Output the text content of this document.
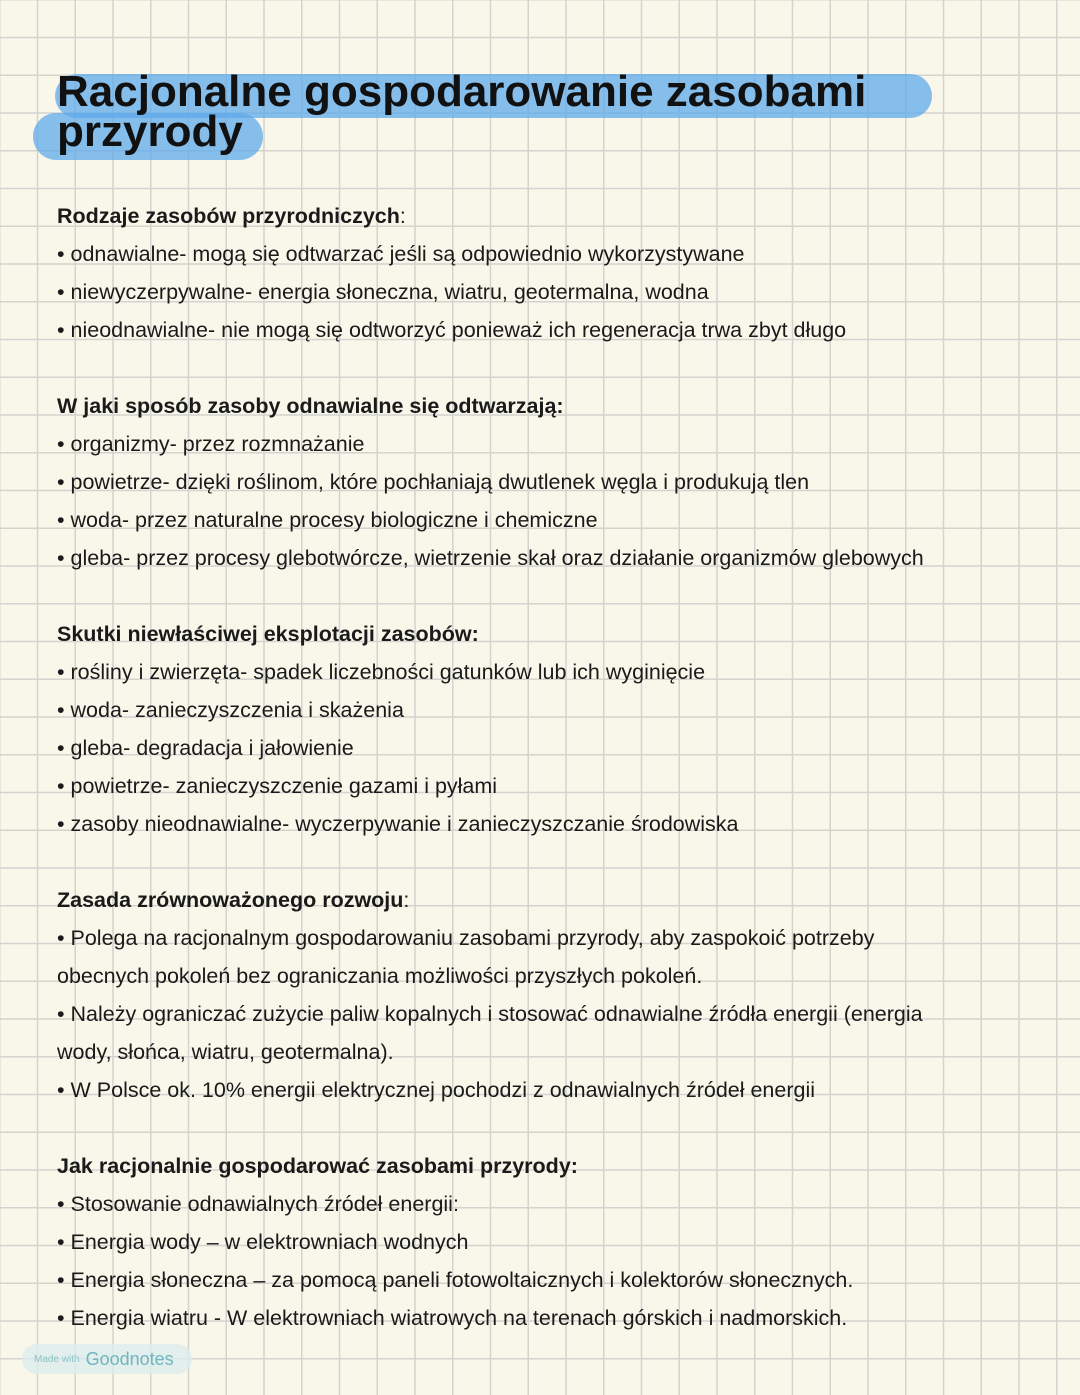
Racjonalne gospodarowanie zasobami
przyrody
Rodzaje zasobów przyrodniczych:
• odnawialne- mogą się odtwarzać jeśli są odpowiednio wykorzystywane
• niewyczerpywalne- energia słoneczna, wiatru, geotermalna, wodna
• nieodnawialne- nie mogą się odtworzyć ponieważ ich regeneracja trwa zbyt długo
W jaki sposób zasoby odnawialne się odtwarzają:
• organizmy- przez rozmnażanie
• powietrze- dzięki roślinom, które pochłaniają dwutlenek węgla i produkują tlen
• woda- przez naturalne procesy biologiczne i chemiczne
• gleba- przez procesy glebotwórcze, wietrzenie skał oraz działanie organizmów glebowych
Skutki niewłaściwej eksplotacji zasobów:
• rośliny i zwierzęta- spadek liczebności gatunków lub ich wyginięcie
• woda- zanieczyszczenia i skażenia
• gleba- degradacja i jałowienie
• powietrze- zanieczyszczenie gazami i pyłami
• zasoby nieodnawialne- wyczerpywanie i zanieczyszczanie środowiska
Zasada zrównoważonego rozwoju:
• Polega na racjonalnym gospodarowaniu zasobami przyrody, aby zaspokoić potrzeby
obecnych pokoleń bez ograniczania możliwości przyszłych pokoleń.
• Należy ograniczać zużycie paliw kopalnych i stosować odnawialne źródła energii (energia
wody, słońca, wiatru, geotermalna).
• W Polsce ok. 10% energii elektrycznej pochodzi z odnawialnych źródeł energii
Jak racjonalnie gospodarować zasobami przyrody:
• Stosowanie odnawialnych źródeł energii:
• Energia wody – w elektrowniach wodnych
• Energia słoneczna – za pomocą paneli fotowoltaicznych i kolektorów słonecznych.
• Energia wiatru - W elektrowniach wiatrowych na terenach górskich i nadmorskich.
Made with Goodnotes
